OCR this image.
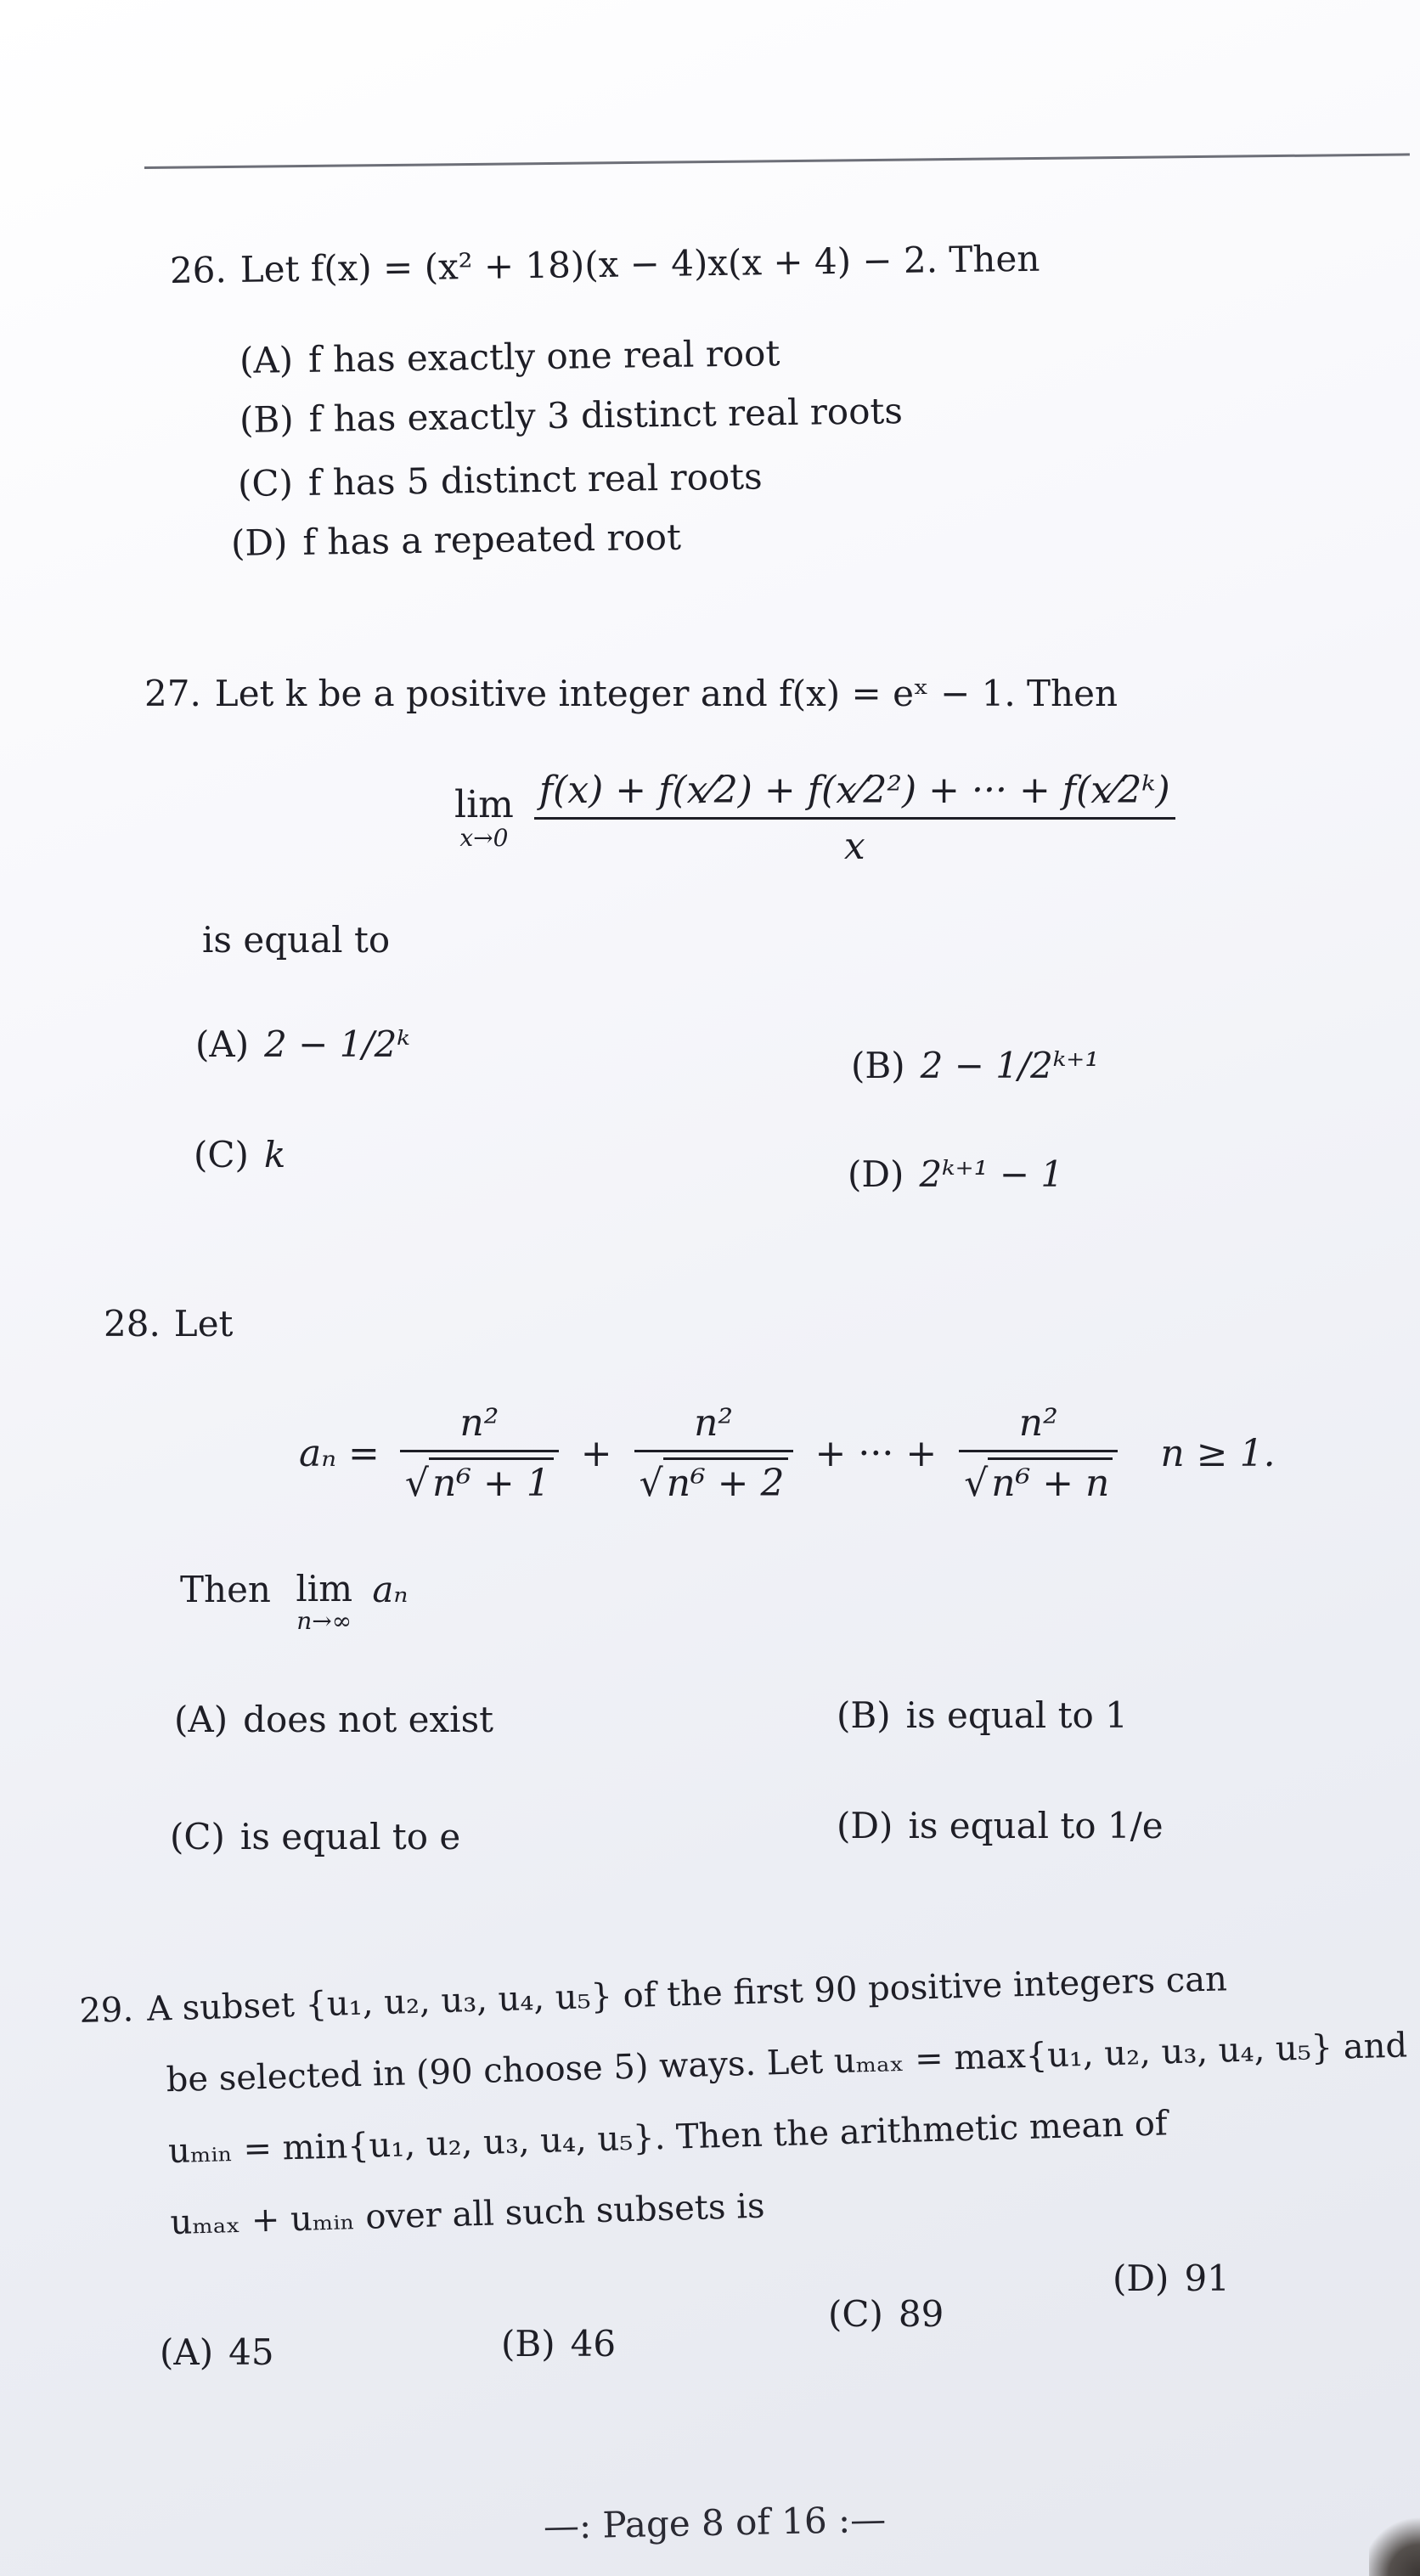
26. Let f(x) = (x² + 18)(x − 4)x(x + 4) − 2. Then
(A) f has exactly one real root
(B) f has exactly 3 distinct real roots
(C) f has 5 distinct real roots
(D) f has a repeated root
27. Let k be a positive integer and f(x) = eˣ − 1. Then
lim
x→0
$\frac{\text{f(x) + f(x⁄2) + f(x⁄2²) + ··· + f(x⁄2ᵏ)}}{x}$
is equal to
(A) 2 − 1/2ᵏ
(B) 2 − 1/2ᵏ⁺¹
(C) k	(D) 2ᵏ⁺¹ − 1
28. Let
$a_n = \frac{\text{n²}}{\text{√n⁶ + 1}} + \frac{\text{n²}}{\text{√n⁶ + 2}}$ + ··· + $\frac{\text{n²}}{\text{√n⁶ + n}}$ n ≥ 1.
Then lim
n→∞
aₙ
(A) does not exist	(B) is equal to 1
(C) is equal to e	(D) is equal to 1/e
29. A subset {u₁, u₂, u₃, u₄, u₅} of the first 90 positive integers can
be selected in (90 choose 5) ways. Let uₘₐₓ = max{u₁, u₂, u₃, u₄, u₅} and
uₘᵢₙ = min{u₁, u₂, u₃, u₄, u₅}. Then the arithmetic mean of
uₘₐₓ + uₘᵢₙ over all such subsets is
(A) 45	(B) 46
(C) 89
(D) 91
—: Page 8 of 16 :—
